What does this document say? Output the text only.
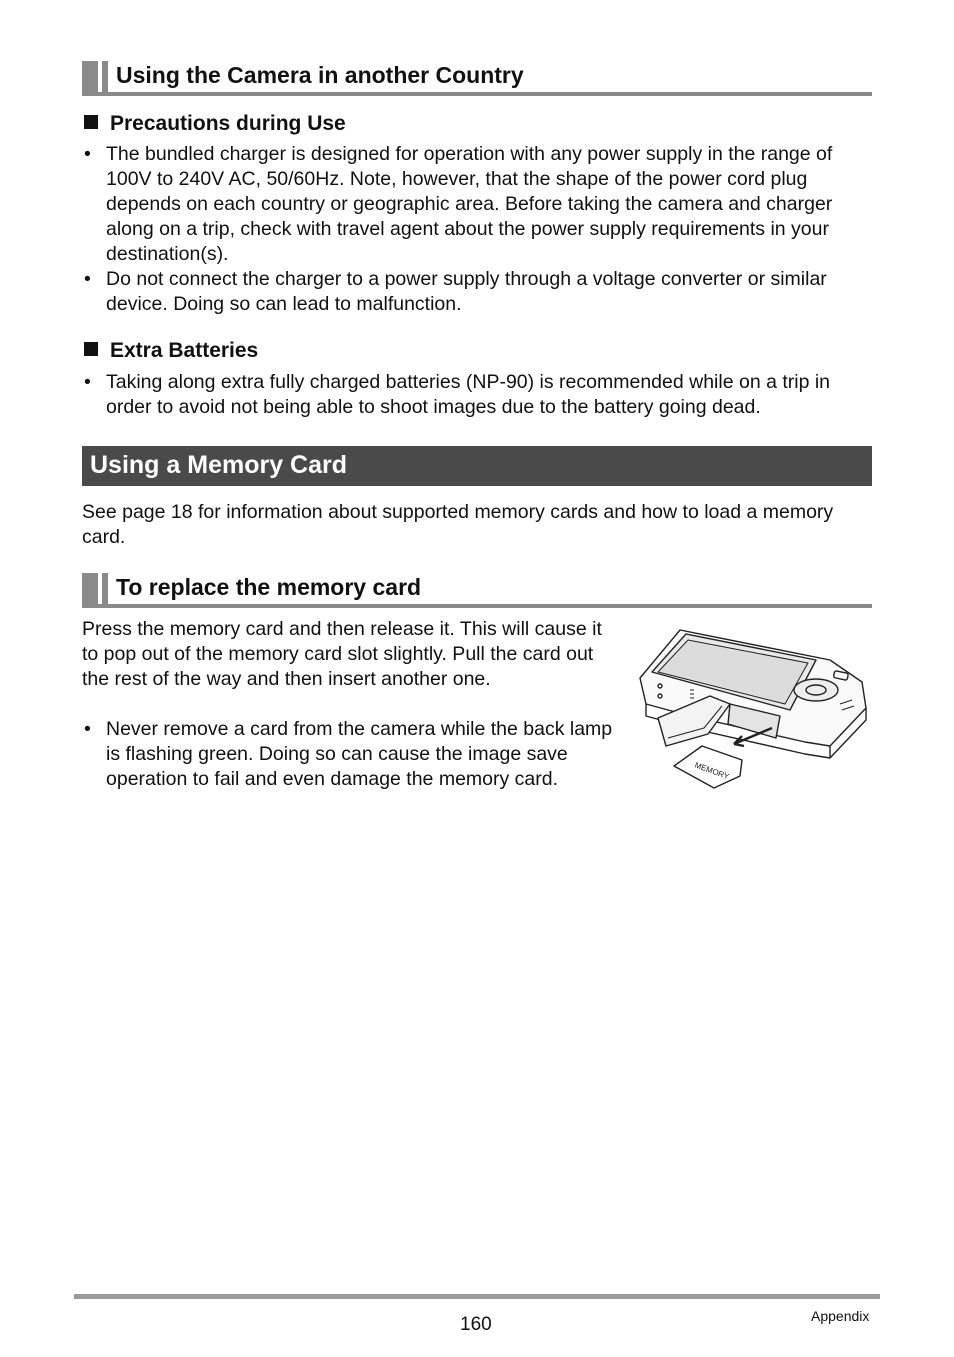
Using the Camera in another Country
Precautions during Use
• The bundled charger is designed for operation with any power supply in the range of 100V to 240V AC, 50/60Hz. Note, however, that the shape of the power cord plug depends on each country or geographic area. Before taking the camera and charger along on a trip, check with travel agent about the power supply requirements in your destination(s).
• Do not connect the charger to a power supply through a voltage converter or similar device. Doing so can lead to malfunction.
Extra Batteries
• Taking along extra fully charged batteries (NP-90) is recommended while on a trip in order to avoid not being able to shoot images due to the battery going dead.
Using a Memory Card
See page 18 for information about supported memory cards and how to load a memory card.
To replace the memory card
Press the memory card and then release it. This will cause it to pop out of the memory card slot slightly. Pull the card out the rest of the way and then insert another one.
• Never remove a card from the camera while the back lamp is flashing green. Doing so can cause the image save operation to fail and even damage the memory card.	MEMORY
160	Appendix
